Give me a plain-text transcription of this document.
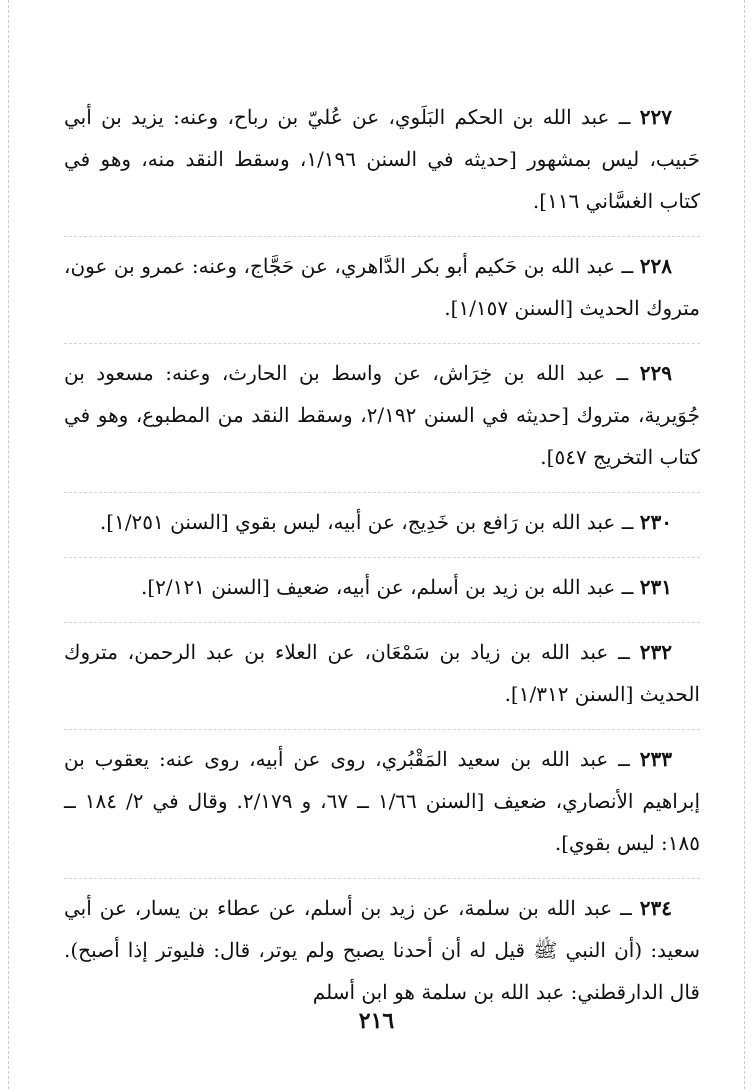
٢٢٧ ــ عبد الله بن الحكم البَلَوي، عن عُليّ بن رباح، وعنه: يزيد بن أبي حَبيب، ليس بمشهور [حديثه في السنن ١/١٩٦، وسقط النقد منه، وهو في كتاب الغسَّاني ١١٦].

٢٢٨ ــ عبد الله بن حَكيم أبو بكر الدَّاهري، عن حَجَّاج، وعنه: عمرو بن عون، متروك الحديث [السنن ١/١٥٧].

٢٢٩ ــ عبد الله بن خِرَاش، عن واسط بن الحارث، وعنه: مسعود بن جُوَيرية، متروك [حديثه في السنن ٢/١٩٢، وسقط النقد من المطبوع، وهو في كتاب التخريج ٥٤٧].

٢٣٠ ــ عبد الله بن رَافع بن خَدِيج، عن أبيه، ليس بقوي [السنن ١/٢٥١].

٢٣١ ــ عبد الله بن زيد بن أسلم، عن أبيه، ضعيف [السنن ٢/١٢١].

٢٣٢ ــ عبد الله بن زياد بن سَمْعَان، عن العلاء بن عبد الرحمن، متروك الحديث [السنن ١/٣١٢].

٢٣٣ ــ عبد الله بن سعيد المَقْبُري، روى عن أبيه، روى عنه: يعقوب بن إبراهيم الأنصاري، ضعيف [السنن ١/٦٦ ــ ٦٧، و ٢/١٧٩. وقال في ٢/ ١٨٤ ــ ١٨٥: ليس بقوي].

٢٣٤ ــ عبد الله بن سلمة، عن زيد بن أسلم، عن عطاء بن يسار، عن أبي سعيد: (أن النبي ﷺ قيل له أن أحدنا يصبح ولم يوتر، قال: فليوتر إذا أصبح). قال الدارقطني: عبد الله بن سلمة هو ابن أسلم

٢١٦
